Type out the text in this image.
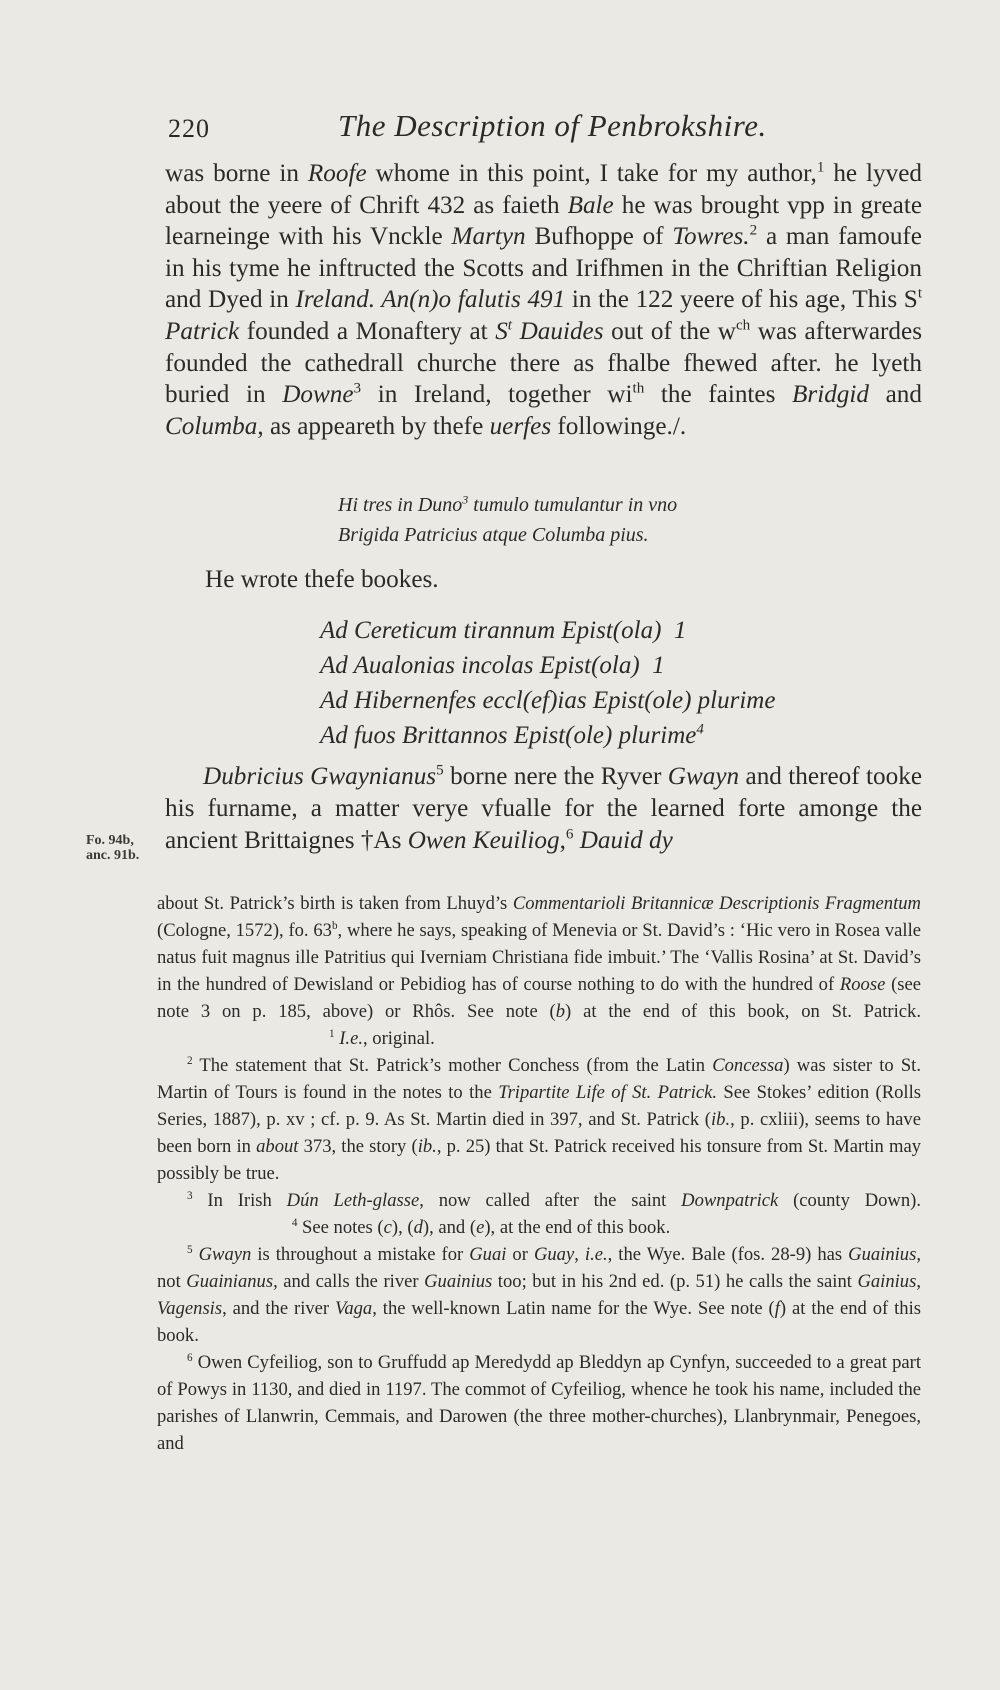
220	The Description of Penbrokshire.

was borne in Roofe whome in this point, I take for my author,$^1$ he lyved about the yeere of Chrift 432 as faieth Bale he was brought vpp in greate learneinge with his Vnckle Martyn Bufhoppe of Towres.$^2$ a man famoufe in his tyme he inftructed the Scotts and Irifhmen in the Chriftian Religion and Dyed in Ireland. An(n)o falutis 491 in the 122 yeere of his age, This $S^t$ Patrick founded a Monaftery at $S^t$ Dauides out of the $w^{ch}$ was afterwardes founded the cathedrall churche there as fhalbe fhewed after. he lyeth buried in Downe$^3$ in Ireland, together $wi^{th}$ the faintes Bridgid and Columba, as appeareth by thefe uerfes followinge./.

Hi tres in Duno$^3$ tumulo tumulantur in vno
Brigida Patricius atque Columba pius.
He wrote thefe bookes.
Ad Cereticum tirannum Epist(ola)  1
Ad Aualonias incolas Epist(ola)  1
Ad Hibernenfes eccl(ef)ias Epist(ole) plurime
Ad fuos Brittannos Epist(ole) plurime$^4$

Dubricius Gwaynianus$^5$ borne nere the Ryver Gwayn and thereof tooke his furname, a matter verye vfualle for the learned forte amonge the ancient Brittaignes †As Owen Keuiliog,$^6$ Dauid dy

Fo. 94b,
anc. 91b.

about St. Patrick’s birth is taken from Lhuyd’s Commentarioli Britannicæ Descriptionis Fragmentum (Cologne, 1572), fo. 63$^b$, where he says, speaking of Menevia or St. David’s : ‘Hic vero in Rosea valle natus fuit magnus ille Patritius qui Iverniam Christiana fide imbuit.’ The ‘Vallis Rosina’ at St. David’s in the hundred of Dewisland or Pebidiog has of course nothing to do with the hundred of Roose (see note 3 on p. 185, above) or Rhôs. See note (b) at the end of this book, on St. Patrick.                                      $^1$ I.e., original.

$^2$ The statement that St. Patrick’s mother Conchess (from the Latin Concessa) was sister to St. Martin of Tours is found in the notes to the Tripartite Life of St. Patrick. See Stokes’ edition (Rolls Series, 1887), p. xv ; cf. p. 9. As St. Martin died in 397, and St. Patrick (ib., p. cxliii), seems to have been born in about 373, the story (ib., p. 25) that St. Patrick received his tonsure from St. Martin may possibly be true.

$^3$ In Irish Dún Leth-glasse, now called after the saint Downpatrick (county Down).                              $^4$ See notes (c), (d), and (e), at the end of this book.

$^5$ Gwayn is throughout a mistake for Guai or Guay, i.e., the Wye. Bale (fos. 28-9) has Guainius, not Guainianus, and calls the river Guainius too; but in his 2nd ed. (p. 51) he calls the saint Gainius, Vagensis, and the river Vaga, the well-known Latin name for the Wye. See note (f) at the end of this book.

$^6$ Owen Cyfeiliog, son to Gruffudd ap Meredydd ap Bleddyn ap Cynfyn, succeeded to a great part of Powys in 1130, and died in 1197. The commot of Cyfeiliog, whence he took his name, included the parishes of Llanwrin, Cemmais, and Darowen (the three mother-churches), Llanbrynmair, Penegoes, and
